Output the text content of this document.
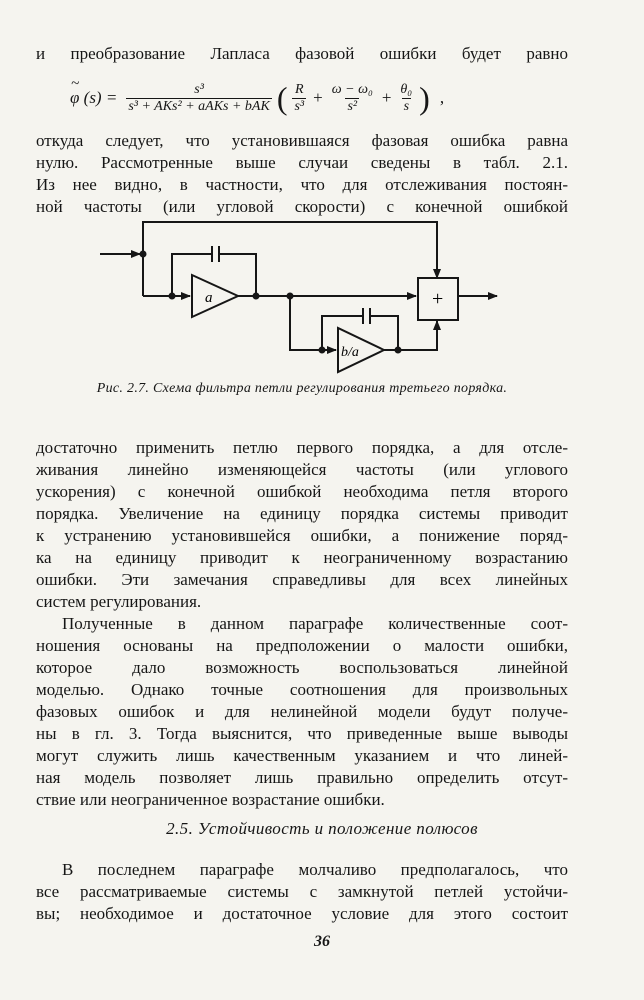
и преобразование Лапласа фазовой ошибки будет равно
~ φ $(s) = \frac{\text{s³}}{\text{s³ + AKs² + aAKs + bAK}}$ ( $\frac{R}{\text{s³}} + \frac{\text{ω − ω₀}}{\text{s²}} + \frac{\text{θ₀}}{s}$ ) ,
откуда следует, что установившаяся фазовая ошибка равна
нулю. Рассмотренные выше случаи сведены в табл. 2.1.
Из нее видно, в частности, что для отслеживания постоян-
ной частоты (или угловой скорости) с конечной ошибкой
a
b/a
+
Рис. 2.7. Схема фильтра петли регулирования третьего порядка.
достаточно применить петлю первого порядка, а для отсле-
живания линейно изменяющейся частоты (или углового
ускорения) с конечной ошибкой необходима петля второго
порядка. Увеличение на единицу порядка системы приводит
к устранению установившейся ошибки, а понижение поряд-
ка на единицу приводит к неограниченному возрастанию
ошибки. Эти замечания справедливы для всех линейных
систем регулирования.
Полученные в данном параграфе количественные соот-
ношения основаны на предположении о малости ошибки,
которое дало возможность воспользоваться линейной
моделью. Однако точные соотношения для произвольных
фазовых ошибок и для нелинейной модели будут получе-
ны в гл. 3. Тогда выяснится, что приведенные выше выводы
могут служить лишь качественным указанием и что линей-
ная модель позволяет лишь правильно определить отсут-
ствие или неограниченное возрастание ошибки.
2.5. Устойчивость и положение полюсов
В последнем параграфе молчаливо предполагалось, что
все рассматриваемые системы с замкнутой петлей устойчи-
вы; необходимое и достаточное условие для этого состоит
36
